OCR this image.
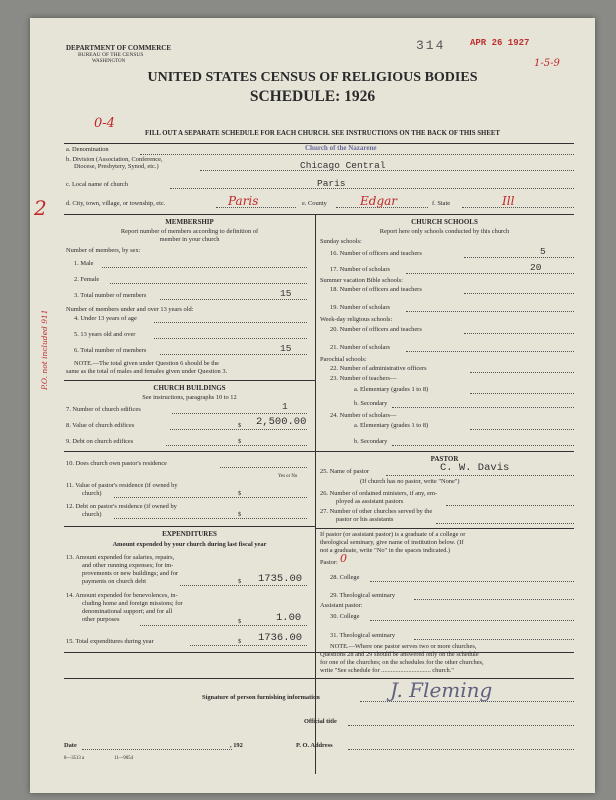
DEPARTMENT OF COMMERCE
BUREAU OF THE CENSUS
WASHINGTON
314	APR 26 1927
1-5-9
UNITED STATES CENSUS OF RELIGIOUS BODIES
SCHEDULE: 1926
0-4
FILL OUT A SEPARATE SCHEDULE FOR EACH CHURCH. SEE INSTRUCTIONS ON THE BACK OF THIS SHEET
a. Denomination	Church of the Nazarene
b. Division (Association, Conference,
Diocese, Presbytery, Synod, etc.)	Chicago Central
c. Local name of church	Paris
2	d. City, town, village, or township, etc.	Paris	e. County	Edgar	f. State	Ill
P.O. not included 911
MEMBERSHIP
Report number of members according to definition of
member in your church
Number of members, by sex:
1. Male
2. Female
3. Total number of members	15
Number of members under and over 13 years old:
4. Under 13 years of age
5. 13 years old and over
6. Total number of members	15
NOTE.—The total given under Question 6 should be the
same as the total of males and females given under Question 3.
CHURCH BUILDINGS
See instructions, paragraphs 10 to 12
7. Number of church edifices	1
8. Value of church edifices	$ 2,500.00
9. Debt on church edifices	$
10. Does church own pastor's residence
Yes or No
11. Value of pastor's residence (if owned by
church)	$
12. Debt on pastor's residence (if owned by
church)	$
EXPENDITURES
Amount expended by your church during last fiscal year
13. Amount expended for salaries, repairs,
and other running expenses; for im-
provements or new buildings; and for
payments on church debt	$ 1735.00
14. Amount expended for benevolences, in-
cluding home and foreign missions; for
denominational support; and for all
other purposes	$	1.00
15. Total expenditures during year	$ 1736.00
CHURCH SCHOOLS
Report here only schools conducted by this church
Sunday schools:
16. Number of officers and teachers	5
17. Number of scholars	20
Summer vacation Bible schools:
18. Number of officers and teachers
19. Number of scholars
Week-day religious schools:
20. Number of officers and teachers
21. Number of scholars
Parochial schools:
22. Number of administrative officers
23. Number of teachers—
a. Elementary (grades 1 to 8)
b. Secondary
24. Number of scholars—
a. Elementary (grades 1 to 8)
b. Secondary
PASTOR
25. Name of pastor	C. W. Davis
(If church has no pastor, write "None")
26. Number of ordained ministers, if any, em-
ployed as assistant pastors
27. Number of other churches served by the
pastor or his assistants
If pastor (or assistant pastor) is a graduate of a college or
theological seminary, give name of institution below. (If
not a graduate, write "No" in the spaces indicated.)
Pastor: 0
28. College
29. Theological seminary
Assistant pastor:
30. College
31. Theological seminary
NOTE.—Where one pastor serves two or more churches,
Questions 28 and 29 should be answered only on the schedule
for one of the churches; on the schedules for the other churches,
write "See schedule for ............................... church."
Signature of person furnishing information	J. Fleming
Official title
Date	, 192	P. O. Address
8—3513 a	11—9054
